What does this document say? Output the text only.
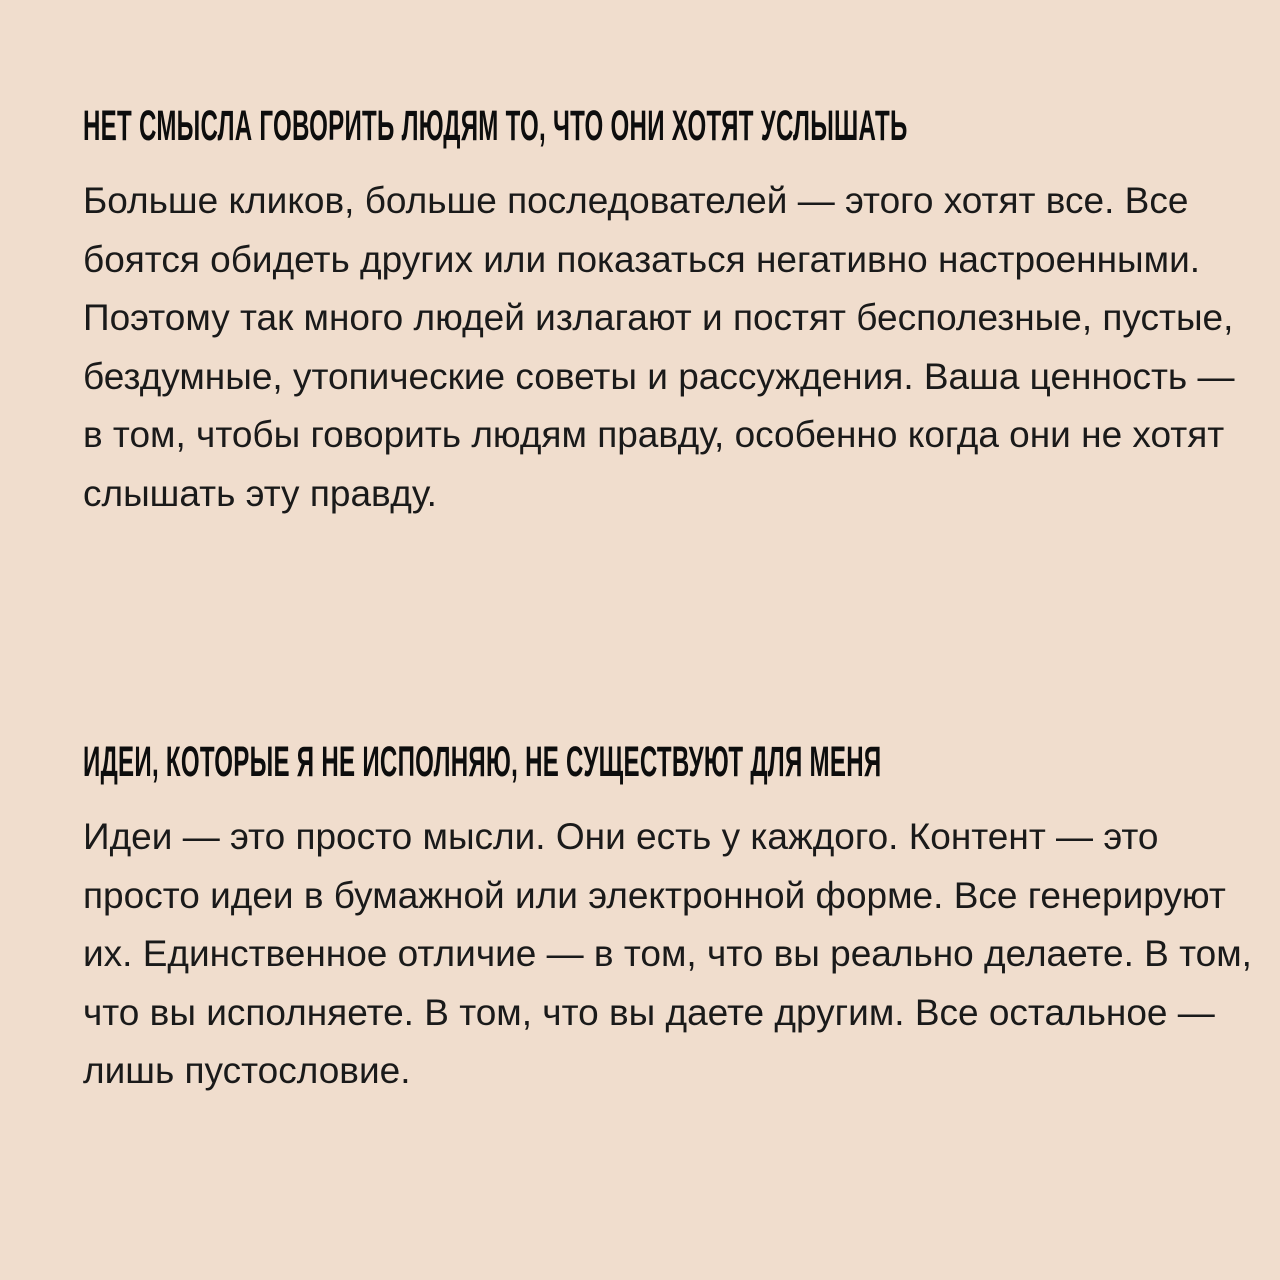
НЕТ СМЫСЛА ГОВОРИТЬ ЛЮДЯМ ТО, ЧТО ОНИ ХОТЯТ УСЛЫШАТЬ

Больше кликов, больше последователей — этого хотят все. Все боятся обидеть других или показаться негативно настроенными. Поэтому так много людей излагают и постят бесполезные, пустые, бездумные, утопические советы и рассуждения. Ваша ценность — в том, чтобы говорить людям правду, особенно когда они не хотят слышать эту правду.

ИДЕИ, КОТОРЫЕ Я НЕ ИСПОЛНЯЮ, НЕ СУЩЕСТВУЮТ ДЛЯ МЕНЯ

Идеи — это просто мысли. Они есть у каждого. Контент — это просто идеи в бумажной или электронной форме. Все генерируют их. Единственное отличие — в том, что вы реально делаете. В том, что вы исполняете. В том, что вы даете другим. Все остальное — лишь пустословие.
